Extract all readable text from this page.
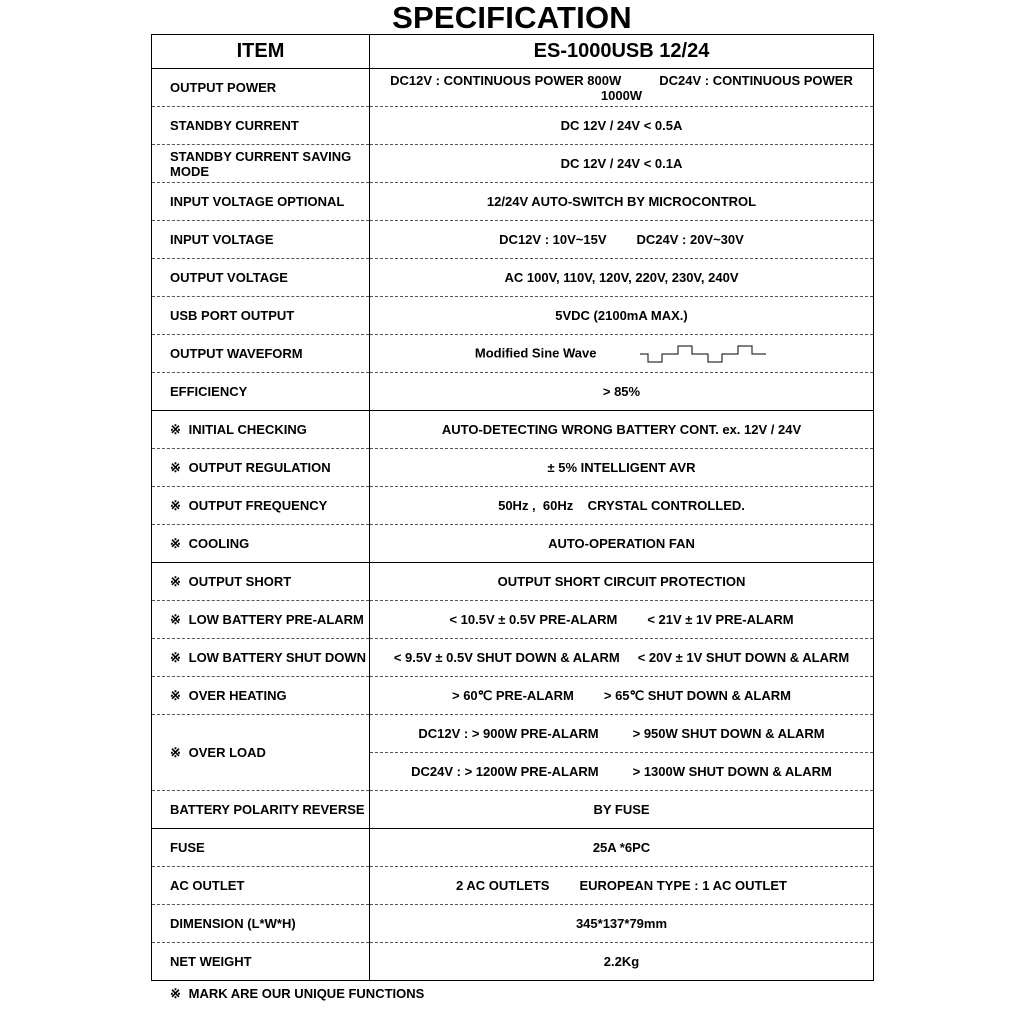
SPECIFICATION
ITEM	ES-1000USB 12/24
OUTPUT POWER	DC12V : CONTINUOUS POWER 800W DC24V : CONTINUOUS POWER 1000W
STANDBY CURRENT	DC 12V / 24V < 0.5A
STANDBY CURRENT SAVING MODE	DC 12V / 24V < 0.1A
INPUT VOLTAGE OPTIONAL	12/24V AUTO-SWITCH BY MICROCONTROL
INPUT VOLTAGE	DC12V : 10V~15V DC24V : 20V~30V
OUTPUT VOLTAGE	AC 100V, 110V, 120V, 220V, 230V, 240V
USB PORT OUTPUT	5VDC (2100mA MAX.)
OUTPUT WAVEFORM	Modified Sine Wave
EFFICIENCY	> 85%
※ INITIAL CHECKING	AUTO-DETECTING WRONG BATTERY CONT. ex. 12V / 24V
※ OUTPUT REGULATION	± 5% INTELLIGENT AVR
※ OUTPUT FREQUENCY	50Hz ,  60Hz    CRYSTAL CONTROLLED.
※ COOLING	AUTO-OPERATION FAN
※ OUTPUT SHORT	OUTPUT SHORT CIRCUIT PROTECTION
※ LOW BATTERY PRE-ALARM	< 10.5V ± 0.5V PRE-ALARM < 21V ± 1V PRE-ALARM
※ LOW BATTERY SHUT DOWN	< 9.5V ± 0.5V SHUT DOWN & ALARM < 20V ± 1V SHUT DOWN & ALARM
※ OVER HEATING	> 60℃ PRE-ALARM > 65℃ SHUT DOWN & ALARM
※ OVER LOAD	DC12V : > 900W PRE-ALARM > 950W SHUT DOWN & ALARM
	DC24V : > 1200W PRE-ALARM > 1300W SHUT DOWN & ALARM
BATTERY POLARITY REVERSE	BY FUSE
FUSE	25A *6PC
AC OUTLET	2 AC OUTLETS EUROPEAN TYPE : 1 AC OUTLET
DIMENSION (L*W*H)	345*137*79mm
NET WEIGHT	2.2Kg
※ MARK ARE OUR UNIQUE FUNCTIONS
